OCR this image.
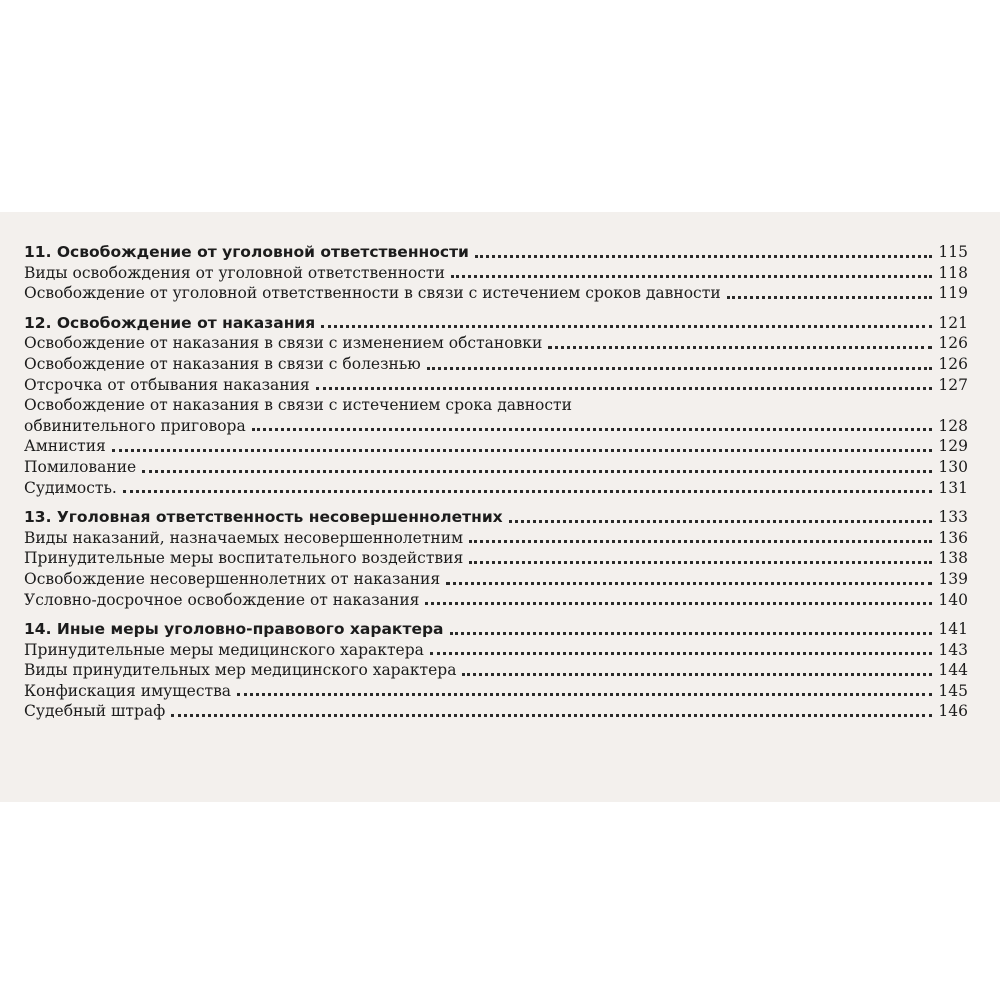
11. Освобождение от уголовной ответственности	115
Виды освобождения от уголовной ответственности	118
Освобождение от уголовной ответственности в связи с истечением сроков давности	119
12. Освобождение от наказания	121
Освобождение от наказания в связи с изменением обстановки	126
Освобождение от наказания в связи с болезнью	126
Отсрочка от отбывания наказания	127
Освобождение от наказания в связи с истечением срока давности
обвинительного приговора	128
Амнистия	129
Помилование	130
Судимость.	131
13. Уголовная ответственность несовершеннолетних	133
Виды наказаний, назначаемых несовершеннолетним	136
Принудительные меры воспитательного воздействия	138
Освобождение несовершеннолетних от наказания	139
Условно-досрочное освобождение от наказания	140
14. Иные меры уголовно-правового характера	141
Принудительные меры медицинского характера	143
Виды принудительных мер медицинского характера	144
Конфискация имущества	145
Судебный штраф	146
